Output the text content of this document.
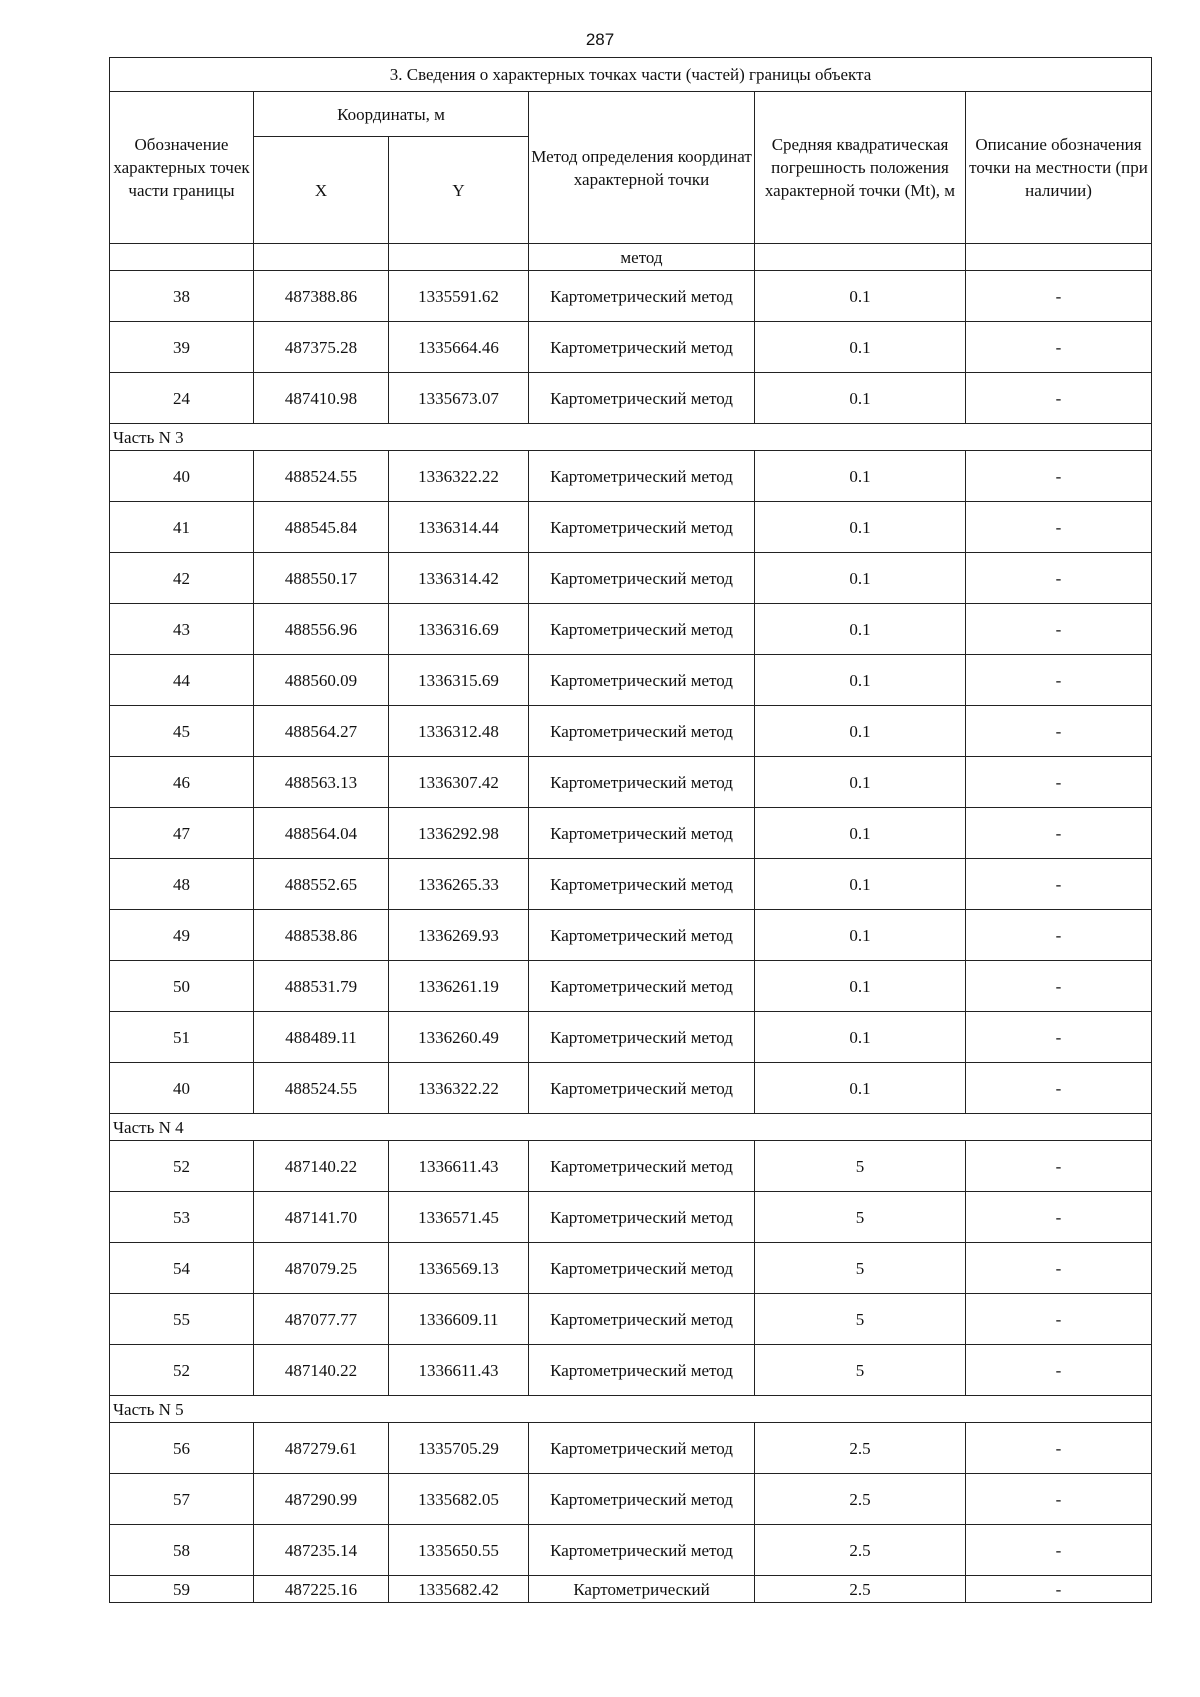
287
3. Сведения о характерных точках части (частей) границы объекта					
Обозначение характерных точек части границы	Координаты, м		Метод определения координат характерной точки	Средняя квадратическая погрешность положения характерной точки (Mt), м	Описание обозначения точки на местности (при наличии)
	X	Y			
			метод		
38	487388.86	1335591.62	Картометрический метод	0.1	-
39	487375.28	1335664.46	Картометрический метод	0.1	-
24	487410.98	1335673.07	Картометрический метод	0.1	-
Часть N 3					
40	488524.55	1336322.22	Картометрический метод	0.1	-
41	488545.84	1336314.44	Картометрический метод	0.1	-
42	488550.17	1336314.42	Картометрический метод	0.1	-
43	488556.96	1336316.69	Картометрический метод	0.1	-
44	488560.09	1336315.69	Картометрический метод	0.1	-
45	488564.27	1336312.48	Картометрический метод	0.1	-
46	488563.13	1336307.42	Картометрический метод	0.1	-
47	488564.04	1336292.98	Картометрический метод	0.1	-
48	488552.65	1336265.33	Картометрический метод	0.1	-
49	488538.86	1336269.93	Картометрический метод	0.1	-
50	488531.79	1336261.19	Картометрический метод	0.1	-
51	488489.11	1336260.49	Картометрический метод	0.1	-
40	488524.55	1336322.22	Картометрический метод	0.1	-
Часть N 4					
52	487140.22	1336611.43	Картометрический метод	5	-
53	487141.70	1336571.45	Картометрический метод	5	-
54	487079.25	1336569.13	Картометрический метод	5	-
55	487077.77	1336609.11	Картометрический метод	5	-
52	487140.22	1336611.43	Картометрический метод	5	-
Часть N 5					
56	487279.61	1335705.29	Картометрический метод	2.5	-
57	487290.99	1335682.05	Картометрический метод	2.5	-
58	487235.14	1335650.55	Картометрический метод	2.5	-
59	487225.16	1335682.42	Картометрический	2.5	-
